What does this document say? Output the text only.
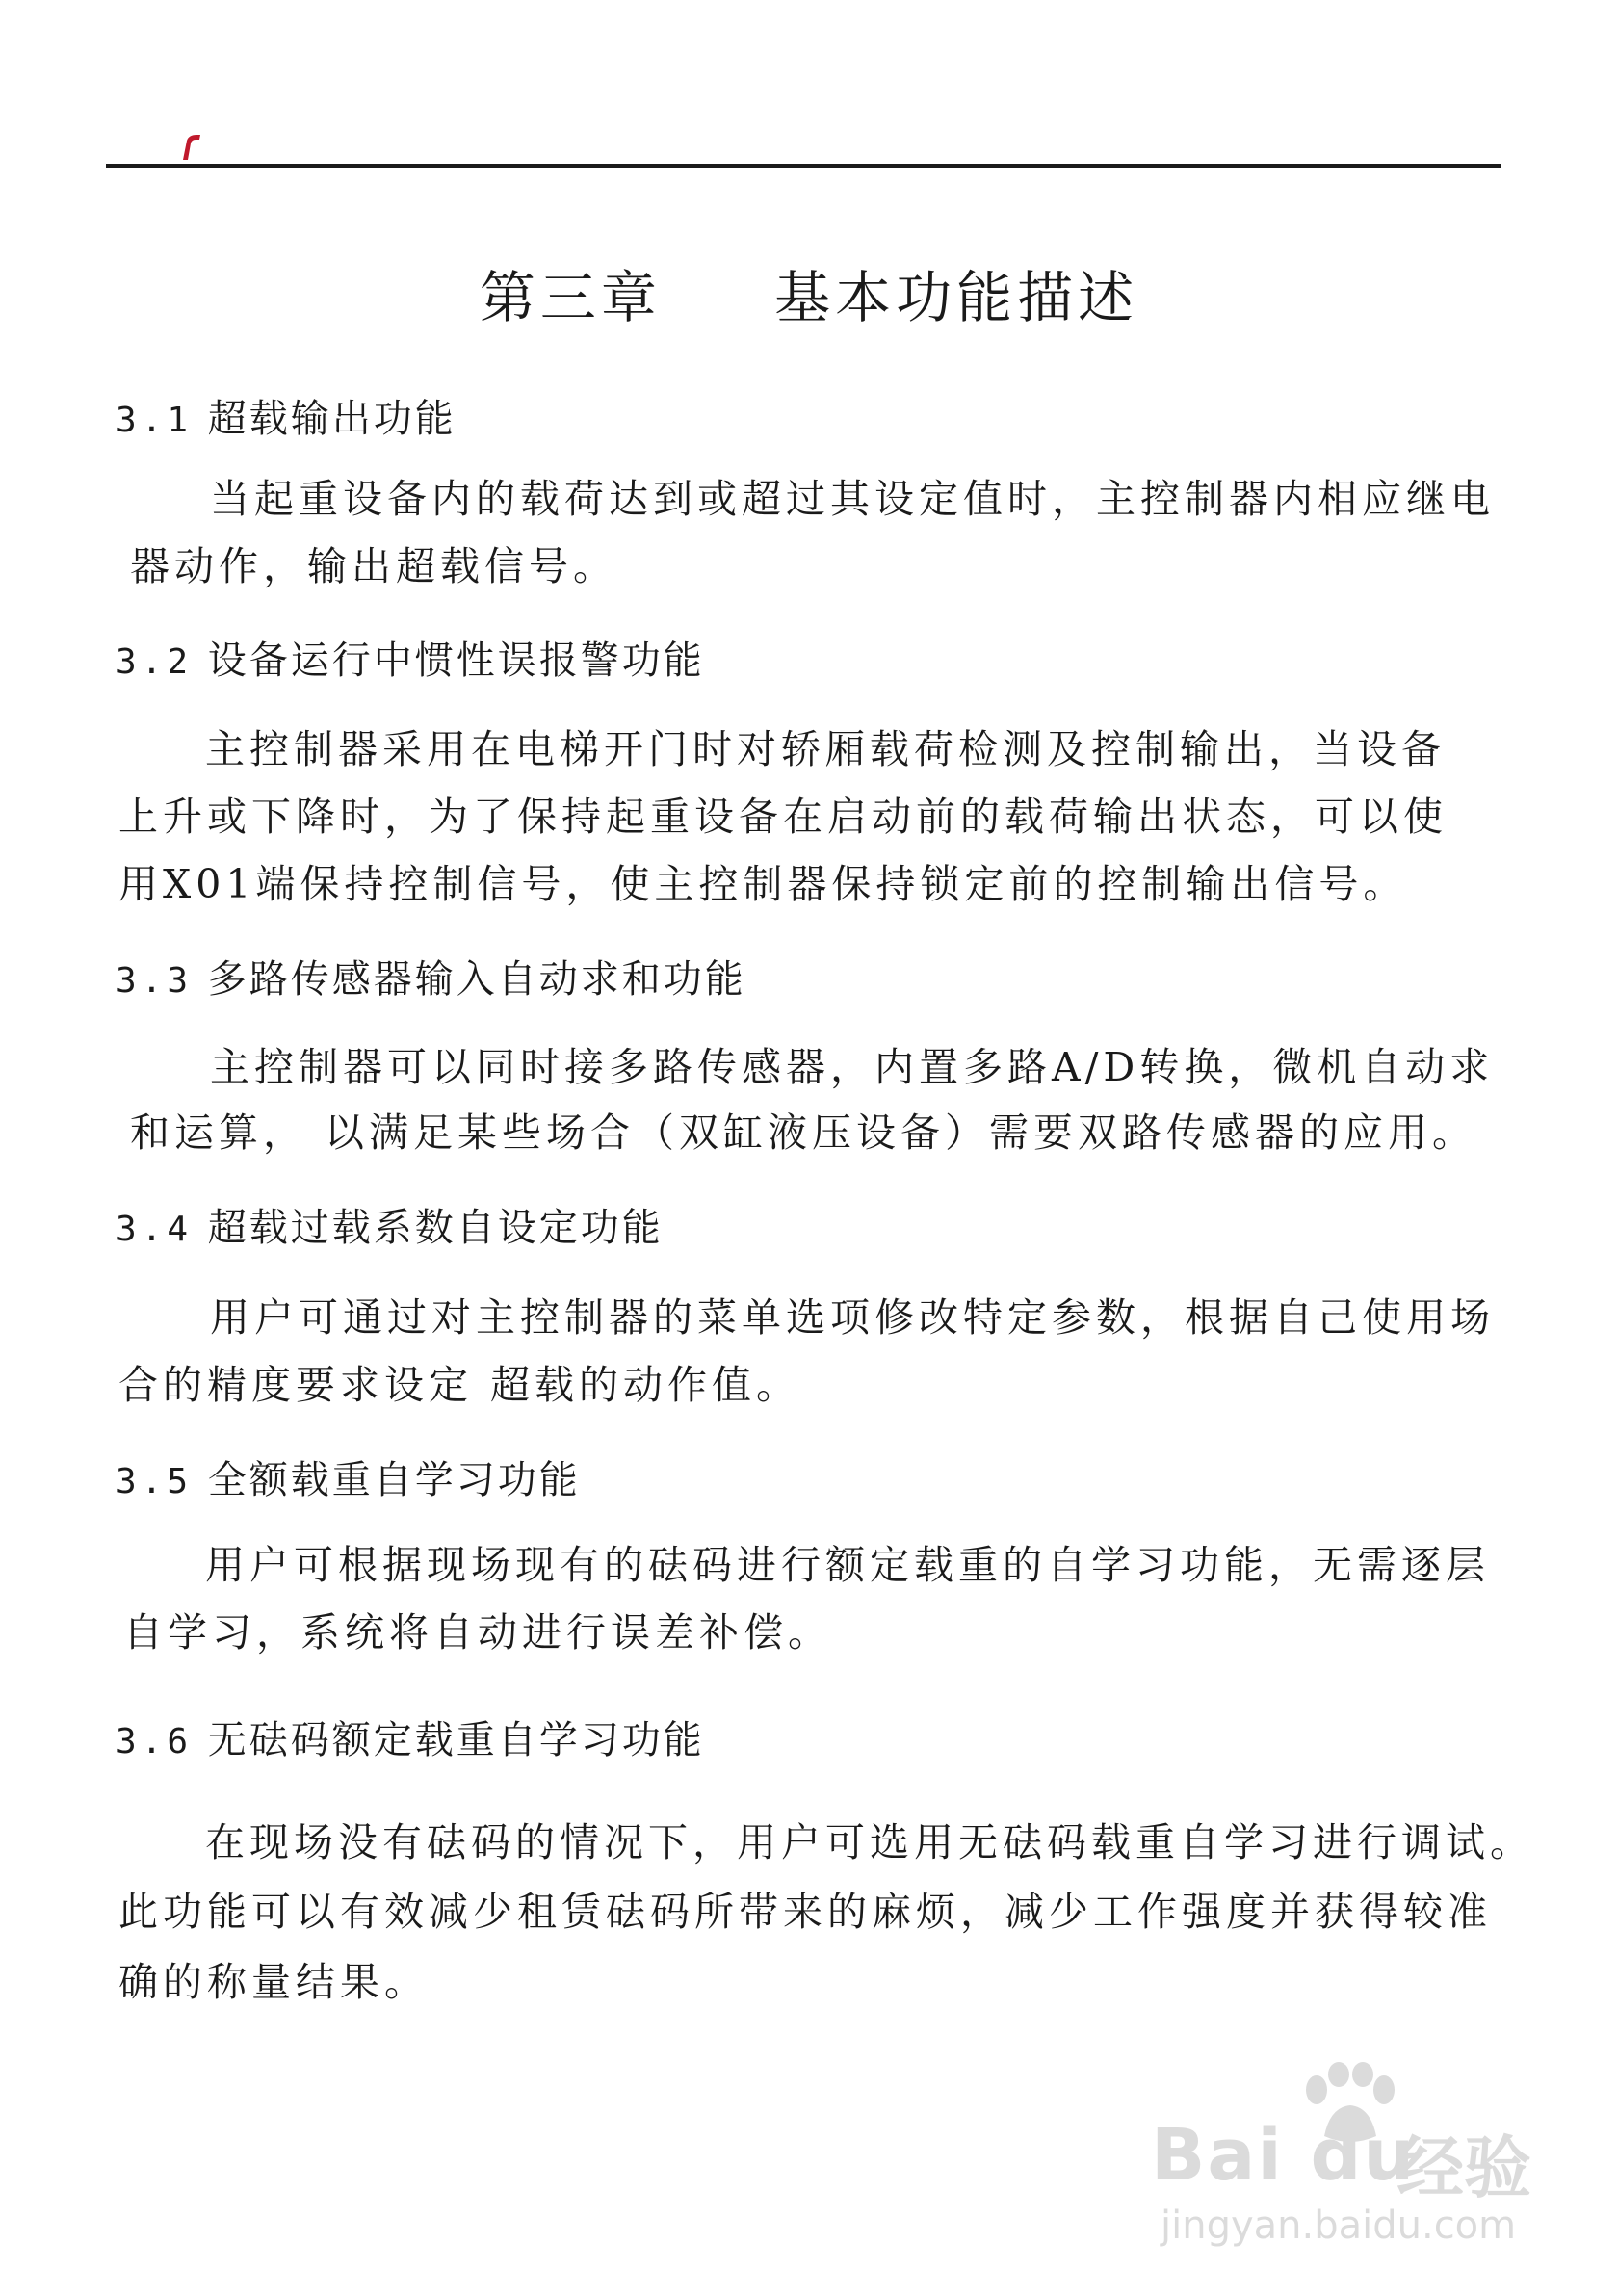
第三章     基本功能描述
3.1 超载输出功能

当起重设备内的载荷达到或超过其设定值时，主控制器内相应继电

器动作，输出超载信号。

3.2 设备运行中惯性误报警功能

主控制器采用在电梯开门时对轿厢载荷检测及控制输出，当设备

上升或下降时，为了保持起重设备在启动前的载荷输出状态，可以使

用X01端保持控制信号，使主控制器保持锁定前的控制输出信号。

3.3 多路传感器输入自动求和功能

主控制器可以同时接多路传感器，内置多路A/D转换，微机自动求

和运算， 以满足某些场合（双缸液压设备）需要双路传感器的应用。

3.4 超载过载系数自设定功能

用户可通过对主控制器的菜单选项修改特定参数，根据自己使用场

合的精度要求设定 超载的动作值。

3.5 全额载重自学习功能

用户可根据现场现有的砝码进行额定载重的自学习功能，无需逐层

自学习，系统将自动进行误差补偿。

3.6 无砝码额定载重自学习功能

在现场没有砝码的情况下，用户可选用无砝码载重自学习进行调试。

此功能可以有效减少租赁砝码所带来的麻烦，减少工作强度并获得较准

确的称量结果。

Bai du
经验
jingyan.baidu.com
